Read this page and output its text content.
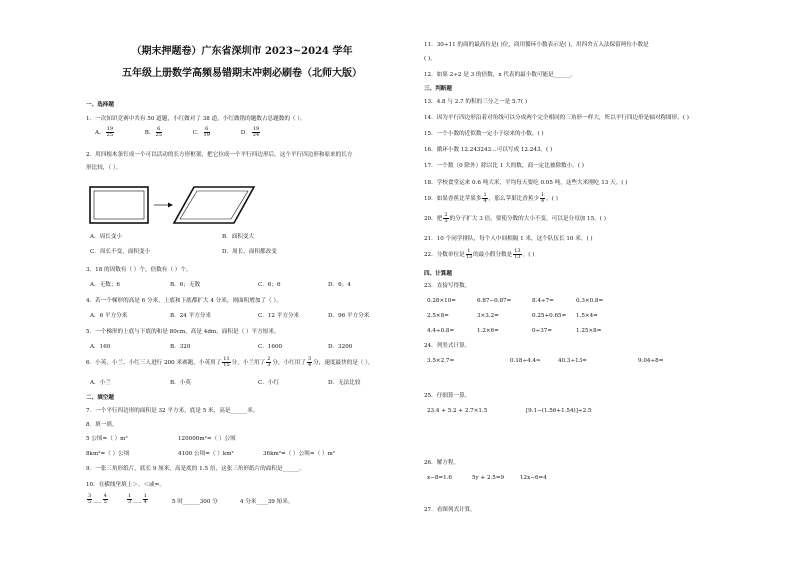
（期末押题卷）广东省深圳市 2023~2024 学年
五年级上册数学高频易错期末冲刺必刷卷（北师大版）
一、选择题
1．一次知识竞赛中共有 50 道题，小红做对了 38 道，小红做错的题数占总题数的（ ）。
A． $\frac{19}{25}$	B． $\frac{6}{25}$	C． $\frac{6}{19}$	D． $\frac{19}{24}$
2．用四根木条钉成一个可以活动的长方形框架，把它拉成一个平行四边形后，这个平行四边形和原来的长方
形比较，（ ）。
A．周长变小	B．面积变大
C．周长不变，面积变小	D．周长、面积都改变
3．18 的因数有（ ）个，倍数有（ ）个。
A．无数；6	B．6；无数	C．6；6	D．6；4
4．若一个梯形的高是 6 分米，上底和下底都扩大 4 分米，则面积增加了（ ）。
A．6 平方分米	B．24 平方分米	C．12 平方分米	D．96 平方分米
5．一个梯形的上底与下底的和是 80cm，高是 4dm，面积是（ ）平方厘米。
A．160	B．320	C．1600	D．3200
6．小英、小兰、小红三人进行 200 米赛跑，小英用了 $\frac{11}{15}$ 分，小兰用了 $\frac{2}{3}$ 分，小红用了 $\frac{3}{4}$ 分，速度最快的是（ ）。
A．小兰	B．小英	C．小红	D．无法比较
二、填空题
7．一个平行四边形的面积是 32 平方米，底是 5 米，高是______米。
8．填一填。
5 公顷=（ ）m²	120000m²=（ ）公顷
8km²=（ ）公顷	4100 公顷=（ ）km²	36km²=（ ）公顷=（ ）m²
9．一张三角形纸片，底长 9 厘米，高是底的 1.5 倍，这张三角形纸片的面积是______。
10．在横线里填上＞、＜或=。
$\frac{3}{5}$ ___ $\frac{4}{5}$	$\frac{1}{3}$ ___ $\frac{1}{4}$	5 时______300 分	4 分米____39 厘米。
11．30÷11 的商的最高位是( )位，商用循环小数表示是( )，用四舍五入法保留两位小数是
( )。
12．如果 2÷2 是 3 的倍数，x 代表的最小数可能是______。
三、判断题
13．4.8 与 2.7 的积的三分之一是 5.7( )
14．因为平行四边形沿着对角线可以分成两个完全相同的三角形一样大，所以平行四边形是轴对称图形。( )
15．一个小数的近似数一定小于原来的小数。( )
16．循环小数 12.243243…可以写成 12.24̇3̇。( )
17．一个数（0 除外）除以比 1 大的数，商一定比被除数小。( )
18．学校食堂运来 0.6 吨大米，平均每天要吃 0.05 吨，这些大米刚吃 13 天。( )
19．如果香蕉比苹果多 $\frac{1}{4}$ ，那么苹果比香蕉少 $\frac{1}{4}$ 。( )
20．把 $\frac{2}{5}$ 的分子扩大 3 倍，要使分数的大小不变，可以是分母加 15。( )
21．10 个同学排队，每个人中间相隔 1 米，这个队伍长 10 米。( )
22．分数单位是 $\frac{1}{13}$ 的最小假分数是 $\frac{13}{13}$ 。( )
四、计算题
23．直接写得数。
0.28×10=	6.87−0.87=	8.4÷7=	0.3×0.8=
2.5×8=	3×3.2=	0.25+0.65= 1.5×4=
4.4÷0.8=	1.2×6=	0÷37=	1.25×8=
24．列竖式计算。
3.5×2.7=	0.18÷4.4≈	40.3÷13=	9.04÷8=
25．仔细算一算。
23.4 + 5.2 + 2.7×1.5	[9.1−(1.56+1.54)]÷2.5
26．解方程。
x−8=1.6	5y + 2.5=9	12x−6=4
27．看图列式计算。
